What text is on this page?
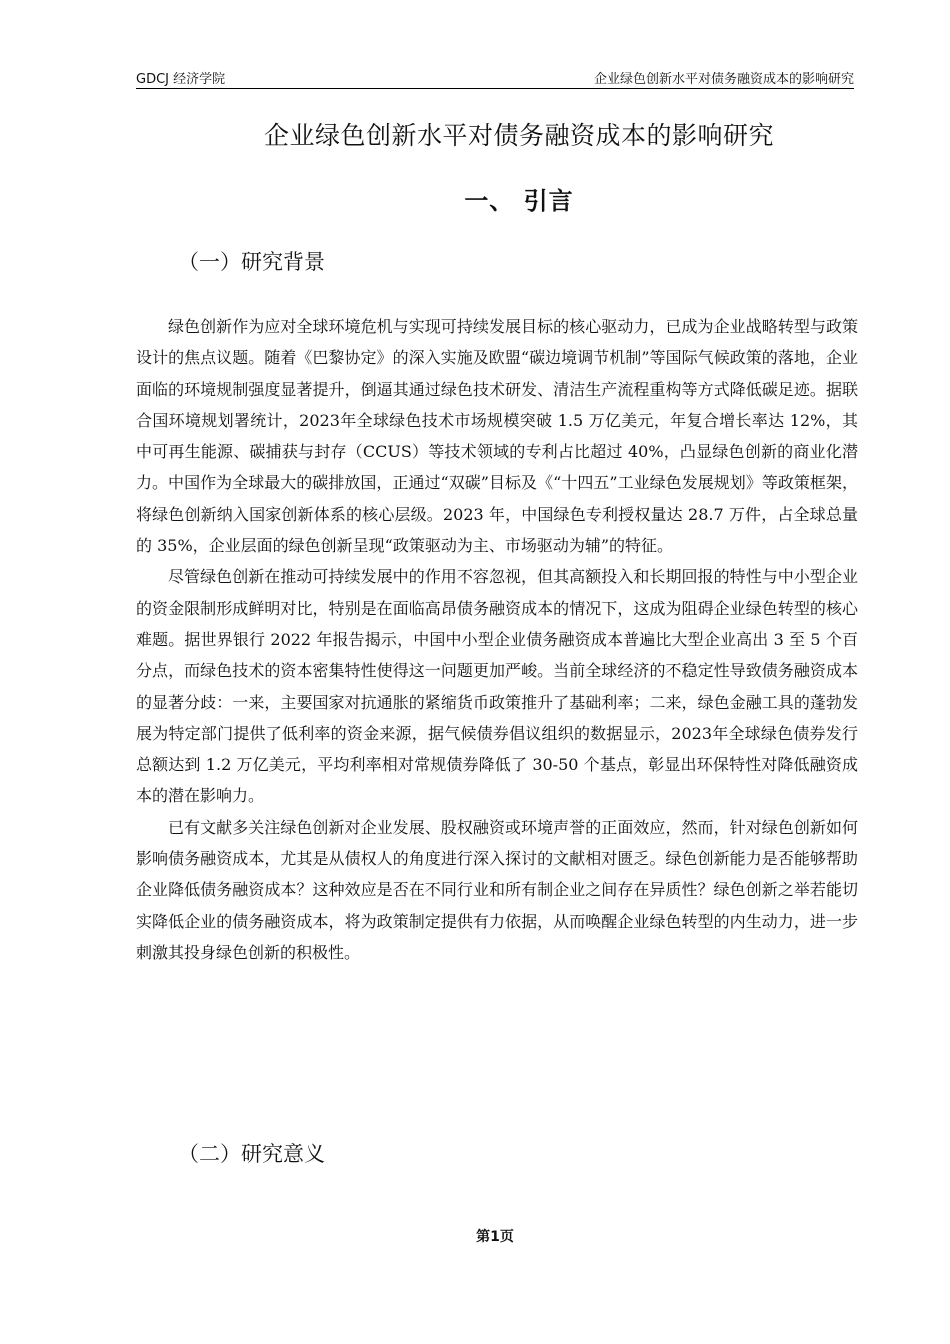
GDCJ 经济学院	企业绿色创新水平对债务融资成本的影响研究
企业绿色创新水平对债务融资成本的影响研究
一、 引言
（一）研究背景

绿色创新作为应对全球环境危机与实现可持续发展目标的核心驱动力，已成为企业战略转型与政策设计的焦点议题。随着《巴黎协定》的深入实施及欧盟“碳边境调节机制”等国际气候政策的落地，企业面临的环境规制强度显著提升，倒逼其通过绿色技术研发、清洁生产流程重构等方式降低碳足迹。据联合国环境规划署统计，2023年全球绿色技术市场规模突破 1.5 万亿美元，年复合增长率达 12%，其中可再生能源、碳捕获与封存（CCUS）等技术领域的专利占比超过 40%，凸显绿色创新的商业化潜力。中国作为全球最大的碳排放国，正通过“双碳”目标及《“十四五”工业绿色发展规划》等政策框架，将绿色创新纳入国家创新体系的核心层级。2023 年，中国绿色专利授权量达 28.7 万件，占全球总量的 35%，企业层面的绿色创新呈现“政策驱动为主、市场驱动为辅”的特征。

尽管绿色创新在推动可持续发展中的作用不容忽视，但其高额投入和长期回报的特性与中小型企业的资金限制形成鲜明对比，特别是在面临高昂债务融资成本的情况下，这成为阻碍企业绿色转型的核心难题。据世界银行 2022 年报告揭示，中国中小型企业债务融资成本普遍比大型企业高出 3 至 5 个百分点，而绿色技术的资本密集特性使得这一问题更加严峻。当前全球经济的不稳定性导致债务融资成本的显著分歧：一来，主要国家对抗通胀的紧缩货币政策推升了基础利率；二来，绿色金融工具的蓬勃发展为特定部门提供了低利率的资金来源，据气候债券倡议组织的数据显示，2023年全球绿色债券发行总额达到 1.2 万亿美元，平均利率相对常规债券降低了 30-50 个基点，彰显出环保特性对降低融资成本的潜在影响力。

已有文献多关注绿色创新对企业发展、股权融资或环境声誉的正面效应，然而，针对绿色创新如何影响债务融资成本，尤其是从债权人的角度进行深入探讨的文献相对匮乏。绿色创新能力是否能够帮助企业降低债务融资成本？这种效应是否在不同行业和所有制企业之间存在异质性？绿色创新之举若能切实降低企业的债务融资成本，将为政策制定提供有力依据，从而唤醒企业绿色转型的内生动力，进一步刺激其投身绿色创新的积极性。

（二）研究意义
第1页
